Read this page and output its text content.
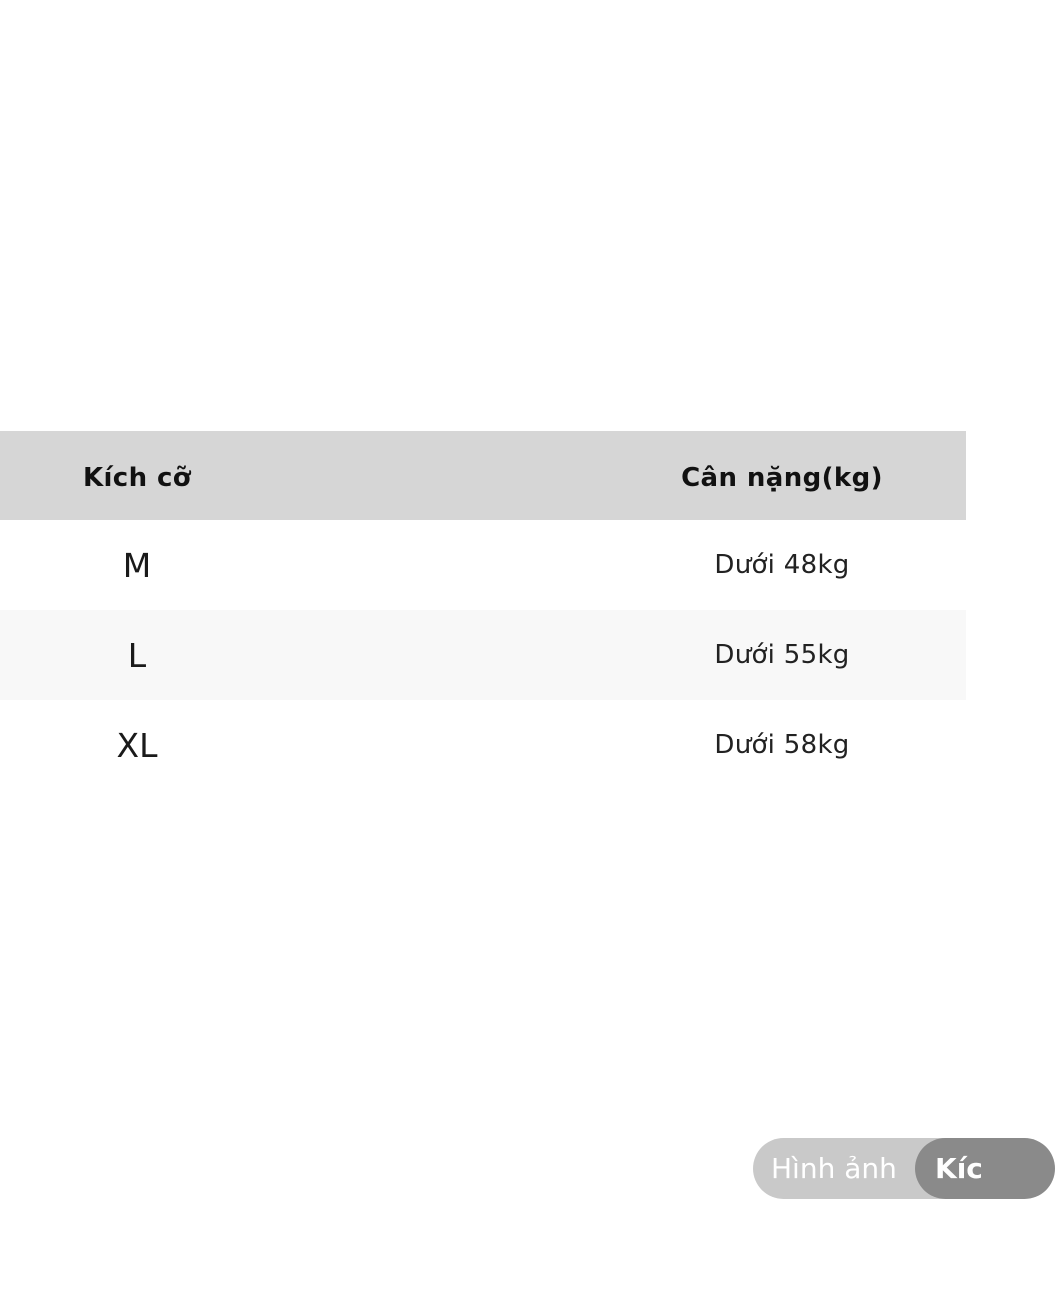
Kích cỡ	Cân nặng(kg)
M	Dưới 48kg
L	Dưới 55kg
XL	Dưới 58kg
Hình ảnh	Kíc
